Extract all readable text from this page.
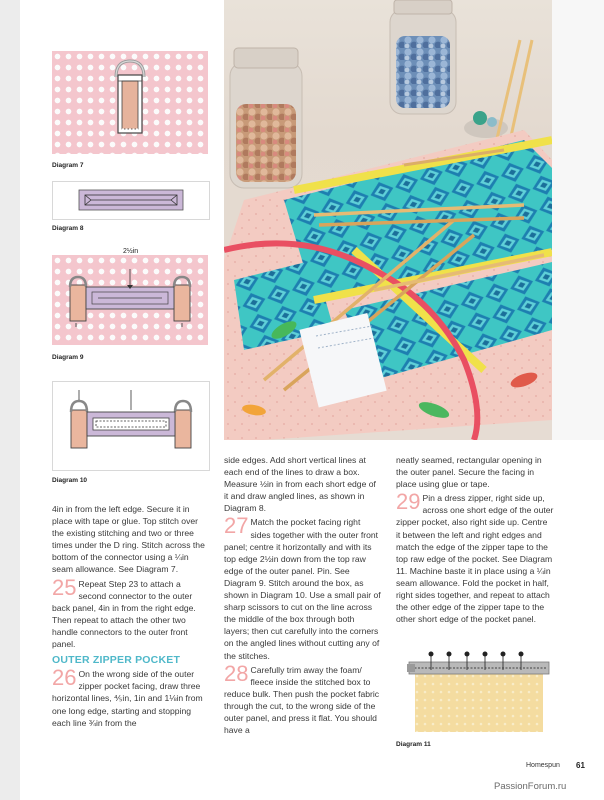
Diagram 7
Diagram 8
2½in
Diagram 9
Diagram 10

4in in from the left edge. Secure it in place with tape or glue. Top stitch over the existing stitching and two or three times under the D ring. Stitch across the bottom of the connector using a ¼in seam allowance. See Diagram 7.

25 Repeat Step 23 to attach a second connector to the outer back panel, 4in in from the right edge. Then repeat to attach the other two handle connectors to the outer front panel.

OUTER ZIPPER POCKET

26 On the wrong side of the outer zipper pocket facing, draw three horizontal lines, ⅘in, 1in and 1⅛in from one long edge, starting and stopping each line ¾in from the

side edges. Add short vertical lines at each end of the lines to draw a box. Measure ½in in from each short edge of it and draw angled lines, as shown in Diagram 8.

27 Match the pocket facing right sides together with the outer front panel; centre it horizontally and with its top edge 2½in down from the top raw edge of the outer panel. Pin. See Diagram 9. Stitch around the box, as shown in Diagram 10. Use a small pair of sharp scissors to cut on the line across the middle of the box through both layers; then cut carefully into the corners on the angled lines without cutting any of the stitches.

28 Carefully trim away the foam/ fleece inside the stitched box to reduce bulk. Then push the pocket fabric through the cut, to the wrong side of the outer panel, and press it flat. You should have a

neatly seamed, rectangular opening in the outer panel. Secure the facing in place using glue or tape.

29 Pin a dress zipper, right side up, across one short edge of the outer zipper pocket, also right side up. Centre it between the left and right edges and match the edge of the zipper tape to the top raw edge of the pocket. See Diagram 11. Machine baste it in place using a ¼in seam allowance. Fold the pocket in half, right sides together, and repeat to attach the other edge of the zipper tape to the other short edge of the pocket panel.

Diagram 11
Homespun 61
PassionForum.ru
